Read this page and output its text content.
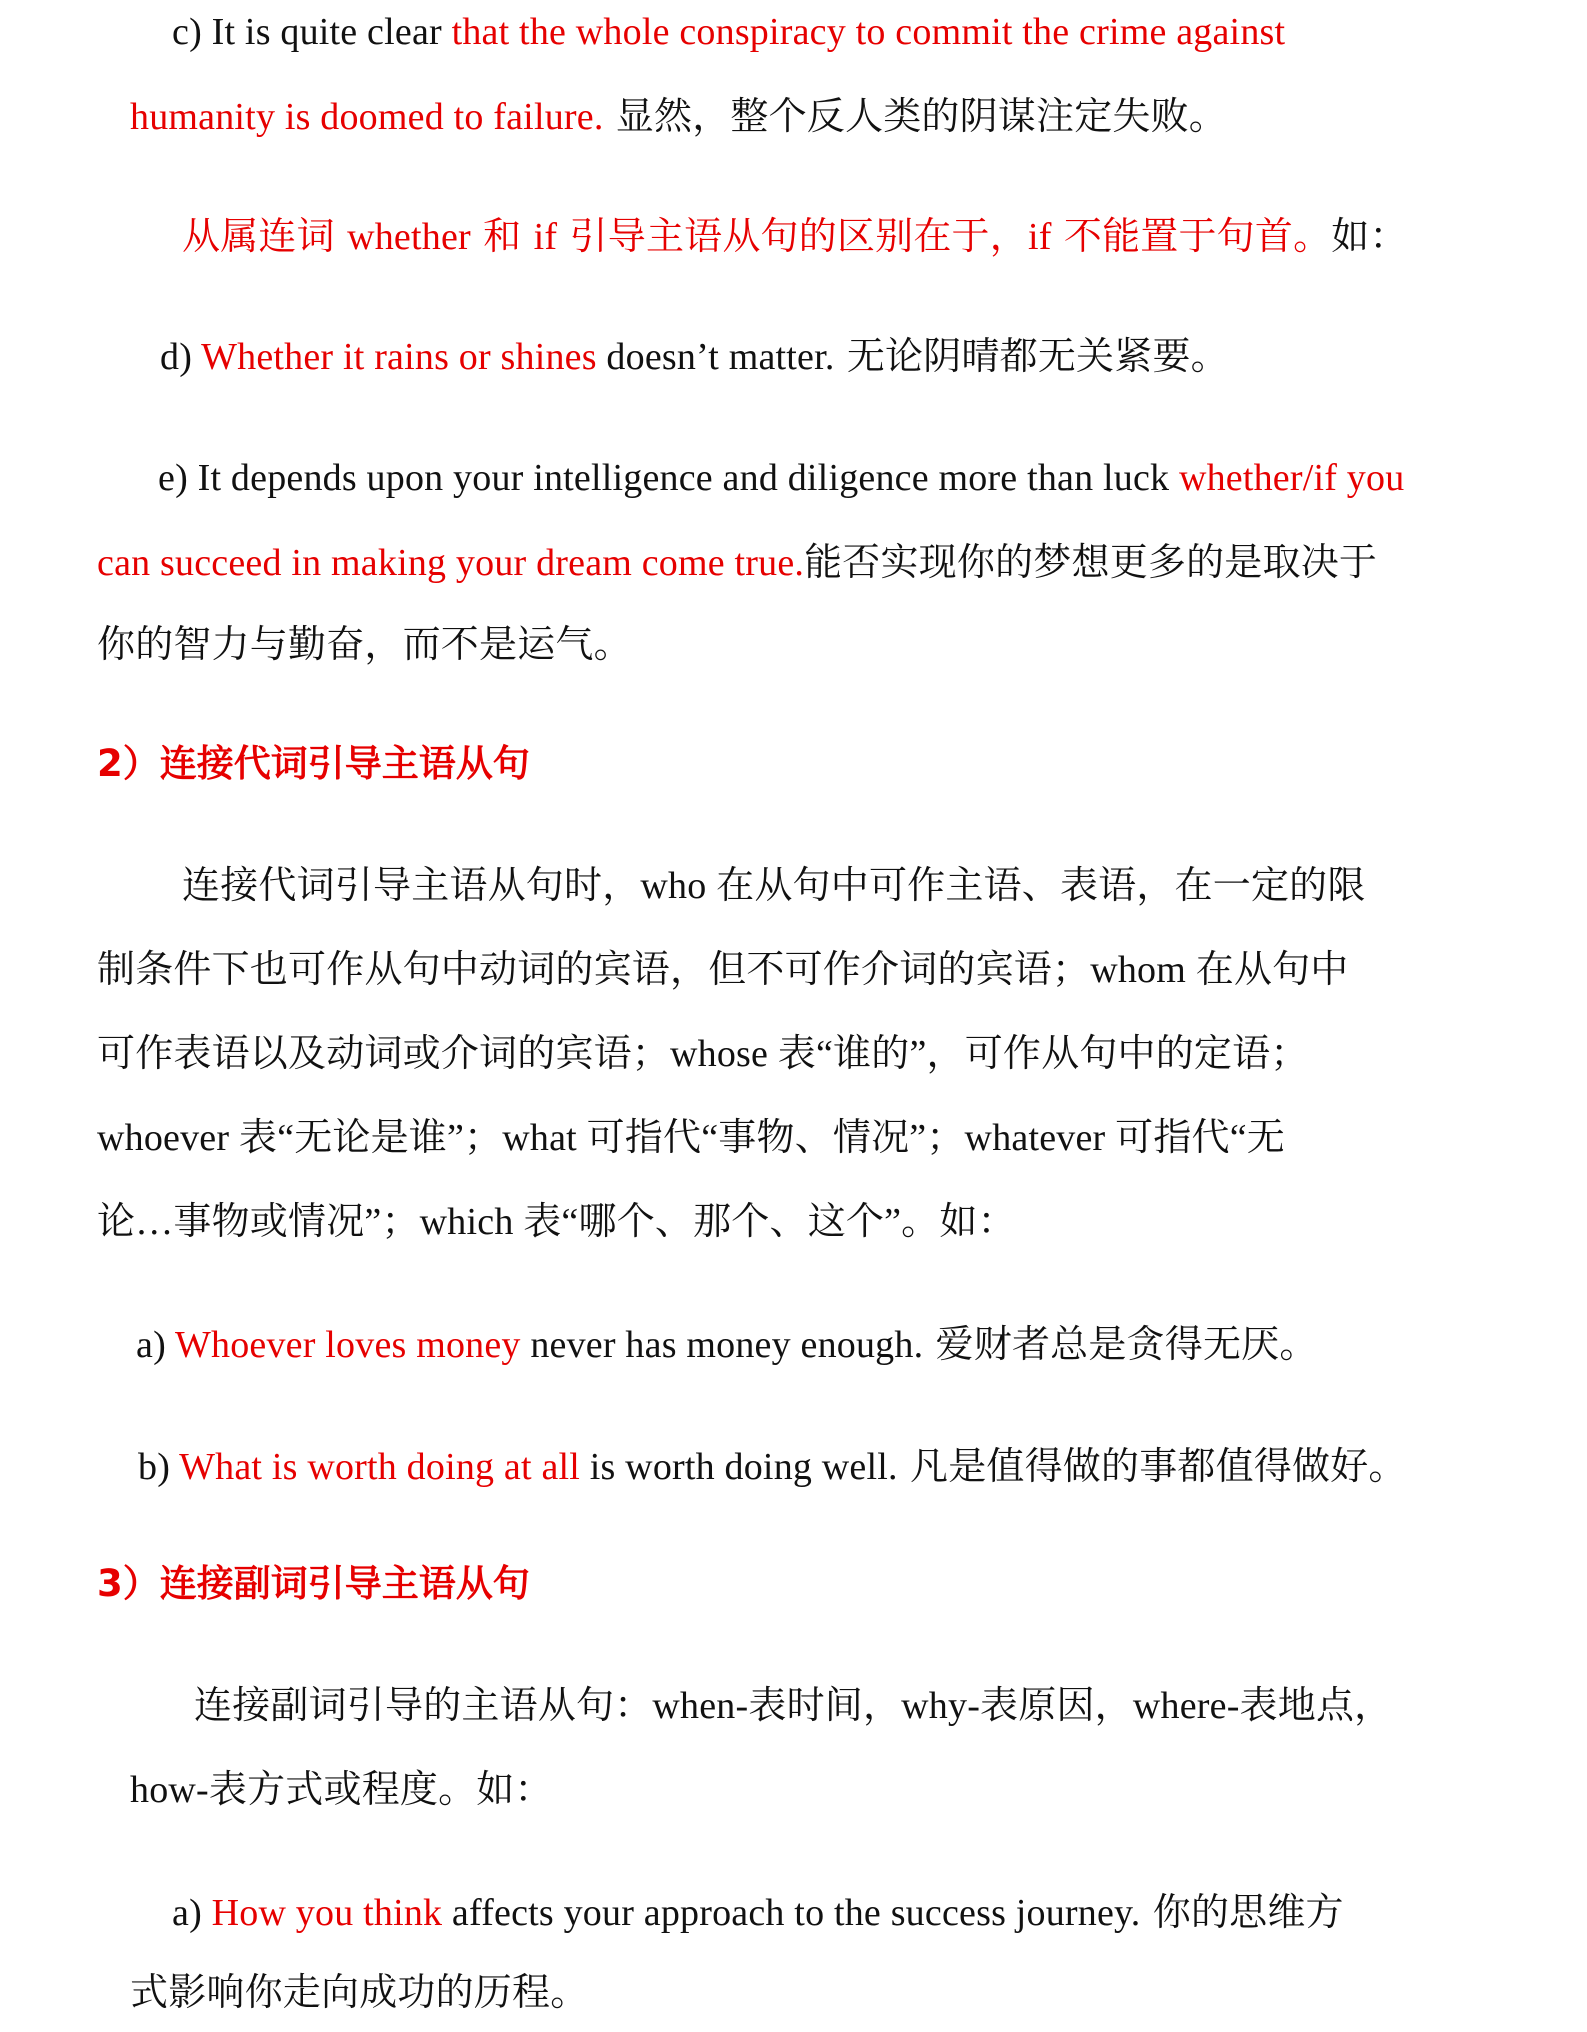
c) It is quite clear that the whole conspiracy to commit the crime against
humanity is doomed to failure. 显然，整个反人类的阴谋注定失败。
从属连词 whether 和 if 引导主语从句的区别在于，if 不能置于句首。如：
d) Whether it rains or shines doesn’t matter. 无论阴晴都无关紧要。
e) It depends upon your intelligence and diligence more than luck whether/if you
can succeed in making your dream come true.能否实现你的梦想更多的是取决于
你的智力与勤奋，而不是运气。
2）连接代词引导主语从句
连接代词引导主语从句时，who 在从句中可作主语、表语，在一定的限
制条件下也可作从句中动词的宾语，但不可作介词的宾语；whom 在从句中
可作表语以及动词或介词的宾语；whose 表“谁的”，可作从句中的定语；
whoever 表“无论是谁”；what 可指代“事物、情况”；whatever 可指代“无
论…事物或情况”；which 表“哪个、那个、这个”。如：
a) Whoever loves money never has money enough. 爱财者总是贪得无厌。
b) What is worth doing at all is worth doing well. 凡是值得做的事都值得做好。
3）连接副词引导主语从句
连接副词引导的主语从句：when-表时间，why-表原因，where-表地点，
how-表方式或程度。如：
a) How you think affects your approach to the success journey. 你的思维方
式影响你走向成功的历程。
